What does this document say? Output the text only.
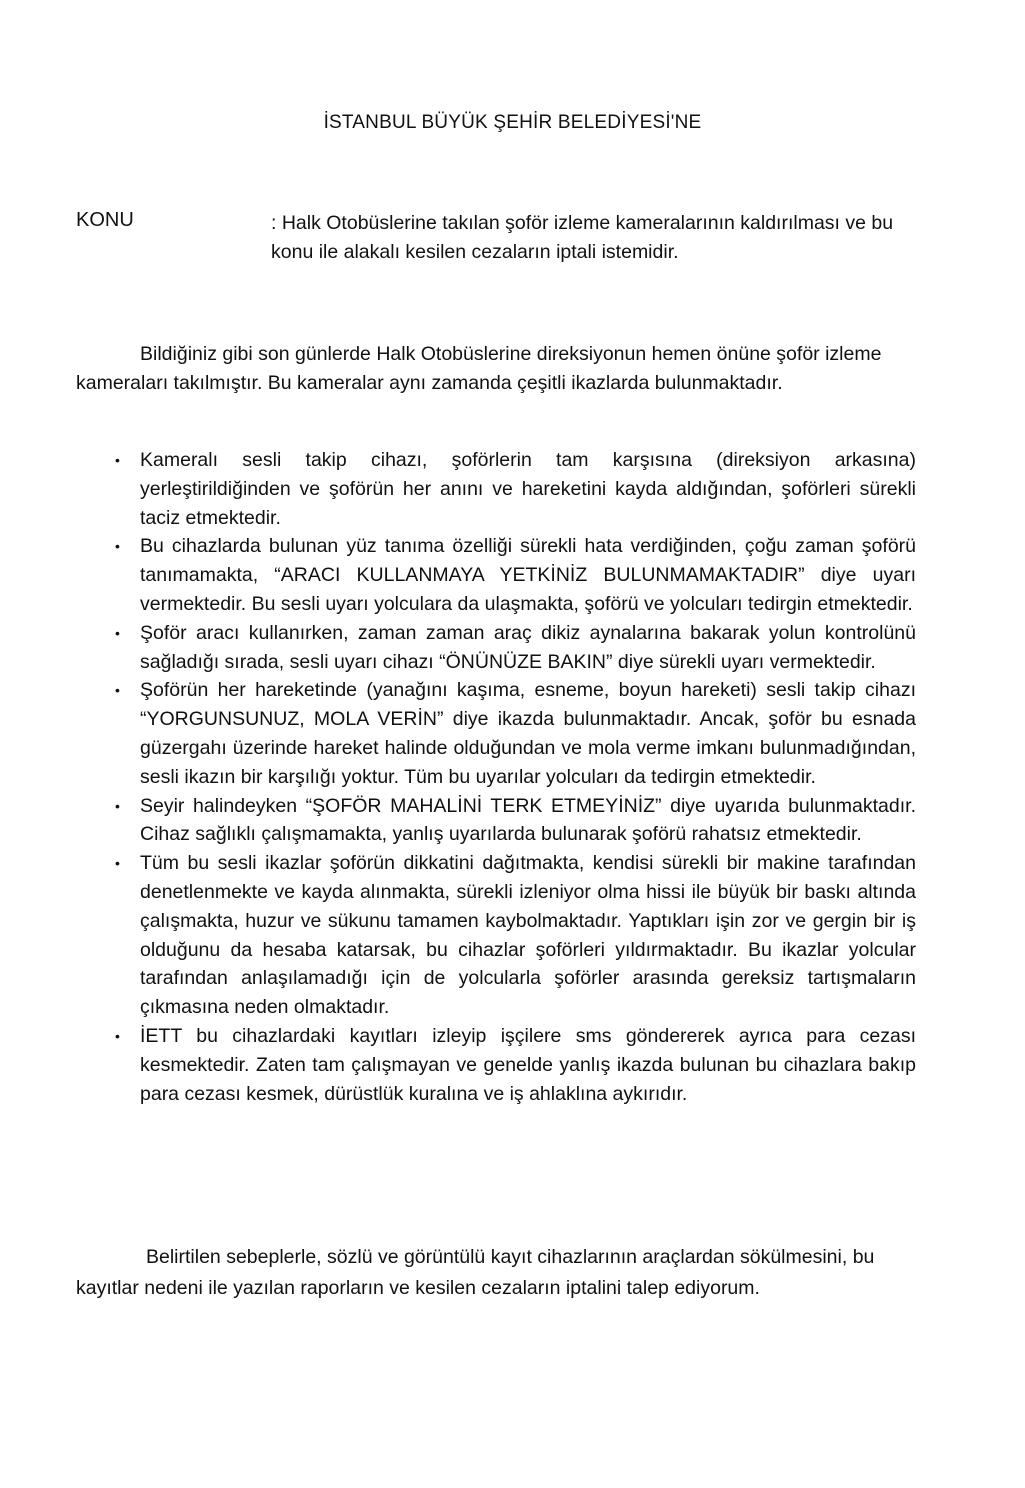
İSTANBUL BÜYÜK ŞEHİR BELEDİYESİ'NE
KONU	: Halk Otobüslerine takılan şoför izleme kameralarının kaldırılması ve bu konu ile alakalı kesilen cezaların iptali istemidir.
Bildiğiniz gibi son günlerde Halk Otobüslerine direksiyonun hemen önüne şoför izleme kameraları takılmıştır. Bu kameralar aynı zamanda çeşitli ikazlarda bulunmaktadır.
• Kameralı sesli takip cihazı, şoförlerin tam karşısına (direksiyon arkasına) yerleştirildiğinden ve şoförün her anını ve hareketini kayda aldığından, şoförleri sürekli taciz etmektedir.
• Bu cihazlarda bulunan yüz tanıma özelliği sürekli hata verdiğinden, çoğu zaman şoförü tanımamakta, “ARACI KULLANMAYA YETKİNİZ BULUNMAMAKTADIR” diye uyarı vermektedir. Bu sesli uyarı yolculara da ulaşmakta, şoförü ve yolcuları tedirgin etmektedir.
• Şoför aracı kullanırken, zaman zaman araç dikiz aynalarına bakarak yolun kontrolünü sağladığı sırada, sesli uyarı cihazı “ÖNÜNÜZE BAKIN” diye sürekli uyarı vermektedir.
• Şoförün her hareketinde (yanağını kaşıma, esneme, boyun hareketi) sesli takip cihazı “YORGUNSUNUZ, MOLA VERİN” diye ikazda bulunmaktadır. Ancak, şoför bu esnada güzergahı üzerinde hareket halinde olduğundan ve mola verme imkanı bulunmadığından, sesli ikazın bir karşılığı yoktur. Tüm bu uyarılar yolcuları da tedirgin etmektedir.
• Seyir halindeyken “ŞOFÖR MAHALİNİ TERK ETMEYİNİZ” diye uyarıda bulunmaktadır. Cihaz sağlıklı çalışmamakta, yanlış uyarılarda bulunarak şoförü rahatsız etmektedir.
• Tüm bu sesli ikazlar şoförün dikkatini dağıtmakta, kendisi sürekli bir makine tarafından denetlenmekte ve kayda alınmakta, sürekli izleniyor olma hissi ile büyük bir baskı altında çalışmakta, huzur ve sükunu tamamen kaybolmaktadır. Yaptıkları işin zor ve gergin bir iş olduğunu da hesaba katarsak, bu cihazlar şoförleri yıldırmaktadır. Bu ikazlar yolcular tarafından anlaşılamadığı için de yolcularla şoförler arasında gereksiz tartışmaların çıkmasına neden olmaktadır.
• İETT bu cihazlardaki kayıtları izleyip işçilere sms göndererek ayrıca para cezası kesmektedir. Zaten tam çalışmayan ve genelde yanlış ikazda bulunan bu cihazlara bakıp para cezası kesmek, dürüstlük kuralına ve iş ahlaklına aykırıdır.
Belirtilen sebeplerle, sözlü ve görüntülü kayıt cihazlarının araçlardan sökülmesini, bu kayıtlar nedeni ile yazılan raporların ve kesilen cezaların iptalini talep ediyorum.
